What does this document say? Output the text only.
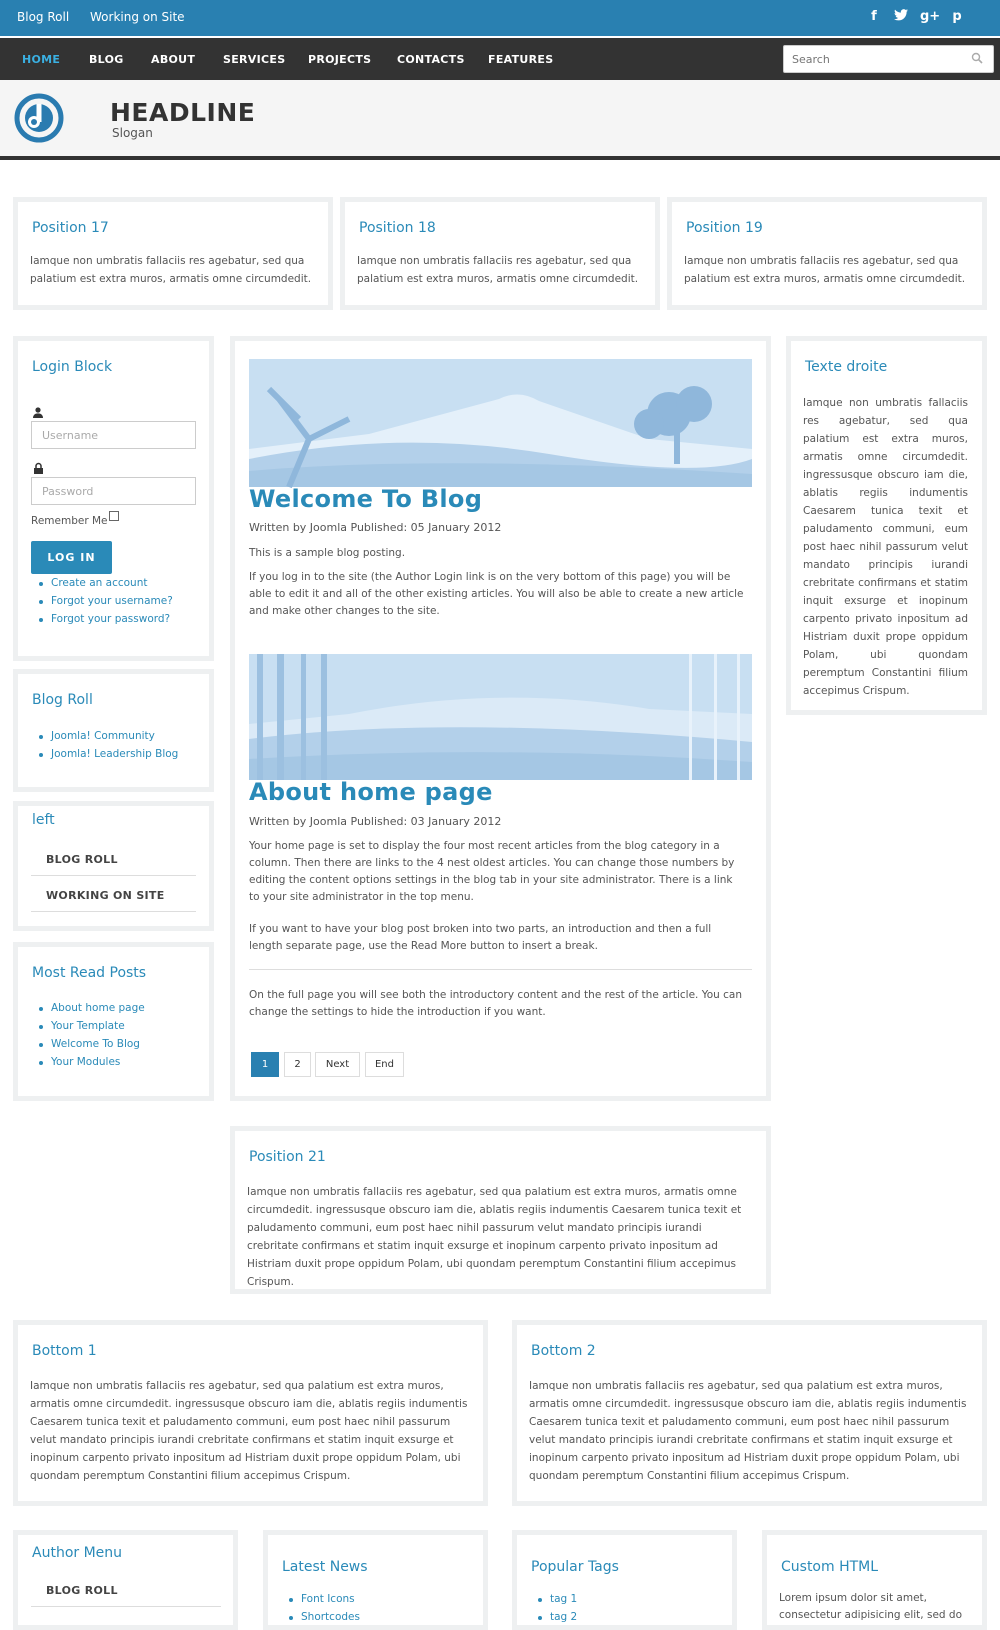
Blog Roll Working on Site	f	g+ p
HOME	BLOG ABOUT	SERVICES PROJECTS CONTACTS FEATURES
Search
HEADLINE
Slogan
Position 17
Iamque non umbratis fallaciis res agebatur, sed qua palatium est extra muros, armatis omne circumdedit.
Position 18
Iamque non umbratis fallaciis res agebatur, sed qua palatium est extra muros, armatis omne circumdedit.
Position 19
Iamque non umbratis fallaciis res agebatur, sed qua palatium est extra muros, armatis omne circumdedit.
Login Block
Username
Password
Remember Me
LOG IN
Create an account
Forgot your username?
Forgot your password?
Blog Roll
Joomla! Community
Joomla! Leadership Blog
left
BLOG ROLL
WORKING ON SITE
Most Read Posts
About home page
Your Template
Welcome To Blog
Your Modules
Welcome To Blog
Written by Joomla Published: 05 January 2012
This is a sample blog posting.
If you log in to the site (the Author Login link is on the very bottom of this page) you will be able to edit it and all of the other existing articles. You will also be able to create a new article and make other changes to the site.
About home page
Written by Joomla Published: 03 January 2012
Your home page is set to display the four most recent articles from the blog category in a column. Then there are links to the 4 nest oldest articles. You can change those numbers by editing the content options settings in the blog tab in your site administrator. There is a link to your site administrator in the top menu.
If you want to have your blog post broken into two parts, an introduction and then a full length separate page, use the Read More button to insert a break.
On the full page you will see both the introductory content and the rest of the article. You can change the settings to hide the introduction if you want.
1	2	Next	End
Texte droite
Iamque non umbratis fallaciis res agebatur, sed qua palatium est extra muros, armatis omne circumdedit. ingressusque obscuro iam die, ablatis regiis indumentis Caesarem tunica texit et paludamento communi, eum post haec nihil passurum velut mandato principis iurandi crebritate confirmans et statim inquit exsurge et inopinum carpento privato inpositum ad Histriam duxit prope oppidum Polam, ubi quondam peremptum Constantini filium accepimus Crispum.
Position 21
Iamque non umbratis fallaciis res agebatur, sed qua palatium est extra muros, armatis omne circumdedit. ingressusque obscuro iam die, ablatis regiis indumentis Caesarem tunica texit et paludamento communi, eum post haec nihil passurum velut mandato principis iurandi crebritate confirmans et statim inquit exsurge et inopinum carpento privato inpositum ad Histriam duxit prope oppidum Polam, ubi quondam peremptum Constantini filium accepimus Crispum.
Bottom 1
Iamque non umbratis fallaciis res agebatur, sed qua palatium est extra muros, armatis omne circumdedit. ingressusque obscuro iam die, ablatis regiis indumentis Caesarem tunica texit et paludamento communi, eum post haec nihil passurum velut mandato principis iurandi crebritate confirmans et statim inquit exsurge et inopinum carpento privato inpositum ad Histriam duxit prope oppidum Polam, ubi quondam peremptum Constantini filium accepimus Crispum.
Bottom 2
Iamque non umbratis fallaciis res agebatur, sed qua palatium est extra muros, armatis omne circumdedit. ingressusque obscuro iam die, ablatis regiis indumentis Caesarem tunica texit et paludamento communi, eum post haec nihil passurum velut mandato principis iurandi crebritate confirmans et statim inquit exsurge et inopinum carpento privato inpositum ad Histriam duxit prope oppidum Polam, ubi quondam peremptum Constantini filium accepimus Crispum.
Author Menu
BLOG ROLL
Latest News
Font Icons
Shortcodes
Popular Tags
tag 1
tag 2
Custom HTML
Lorem ipsum dolor sit amet, consectetur adipisicing elit, sed do
